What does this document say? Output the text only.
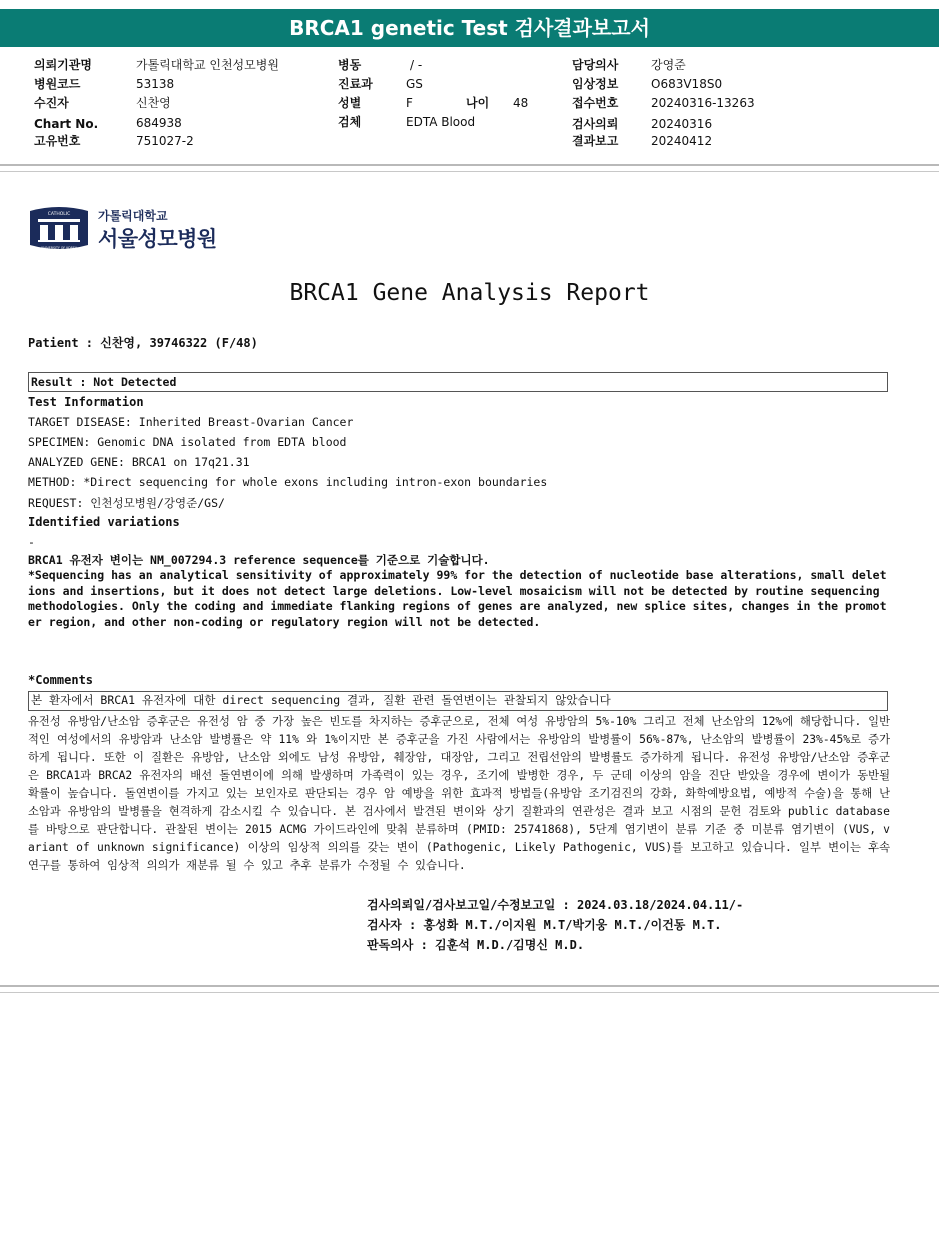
BRCA1 genetic Test 검사결과보고서
의뢰기관명	가톨릭대학교 인천성모병원
병원코드	53138
수진자	신찬영
Chart No.	684938
고유번호	751027-2
병동	/ -
진료과	GS
성별	F	나이 48
검체	EDTA Blood
담당의사	강영준
임상정보	O683V18S0
접수번호	20240316-13263
검사의뢰	20240316
결과보고	20240412
CATHOLIC
UNIVERSITY OF KOREA
가톨릭대학교
서울성모병원
BRCA1 Gene Analysis Report
Patient : 신찬영, 39746322 (F/48)
Result : Not Detected
Test Information
TARGET DISEASE: Inherited Breast-Ovarian Cancer
SPECIMEN: Genomic DNA isolated from EDTA blood
ANALYZED GENE: BRCA1 on 17q21.31
METHOD: *Direct sequencing for whole exons including intron-exon boundaries
REQUEST: 인천성모병원/강영준/GS/
Identified variations
-
BRCA1 유전자 변이는 NM_007294.3 reference sequence를 기준으로 기술합니다.
*Sequencing has an analytical sensitivity of approximately 99% for the detection of nucleotide base alterations, small deletions and insertions, but it does not detect large deletions. Low-level mosaicism will not be detected by routine sequencing methodologies. Only the coding and immediate flanking regions of genes are analyzed, new splice sites, changes in the promoter region, and other non-coding or regulatory region will not be detected.
*Comments
본 환자에서 BRCA1 유전자에 대한 direct sequencing 결과, 질환 관련 돌연변이는 관찰되지 않았습니다
유전성 유방암/난소암 증후군은 유전성 암 중 가장 높은 빈도를 차지하는 증후군으로, 전체 여성 유방암의 5%-10% 그리고 전체 난소암의 12%에 해당합니다. 일반적인 여성에서의 유방암과 난소암 발병률은 약 11% 와 1%이지만 본 증후군을 가진 사람에서는 유방암의 발병률이 56%-87%, 난소암의 발병률이 23%-45%로 증가하게 됩니다. 또한 이 질환은 유방암, 난소암 외에도 남성 유방암, 췌장암, 대장암, 그리고 전립선암의 발병률도 증가하게 됩니다. 유전성 유방암/난소암 증후군은 BRCA1과 BRCA2 유전자의 배선 돌연변이에 의해 발생하며 가족력이 있는 경우, 조기에 발병한 경우, 두 군데 이상의 암을 진단 받았을 경우에 변이가 동반될 확률이 높습니다. 돌연변이를 가지고 있는 보인자로 판단되는 경우 암 예방을 위한 효과적 방법들(유방암 조기검진의 강화, 화학예방요법, 예방적 수술)을 통해 난소암과 유방암의 발병률을 현격하게 감소시킬 수 있습니다. 본 검사에서 발견된 변이와 상기 질환과의 연관성은 결과 보고 시점의 문헌 검토와 public database를 바탕으로 판단합니다. 관찰된 변이는 2015 ACMG 가이드라인에 맞춰 분류하며 (PMID: 25741868), 5단계 염기변이 분류 기준 중 미분류 염기변이 (VUS, variant of unknown significance) 이상의 임상적 의의를 갖는 변이 (Pathogenic, Likely Pathogenic, VUS)를 보고하고 있습니다. 일부 변이는 후속 연구를 통하여 임상적 의의가 재분류 될 수 있고 추후 분류가 수정될 수 있습니다.
검사의뢰일/검사보고일/수정보고일 : 2024.03.18/2024.04.11/-
검사자 : 홍성화 M.T./이지원 M.T/박기웅 M.T./이건동 M.T.
판독의사 : 김훈석 M.D./김명신 M.D.
